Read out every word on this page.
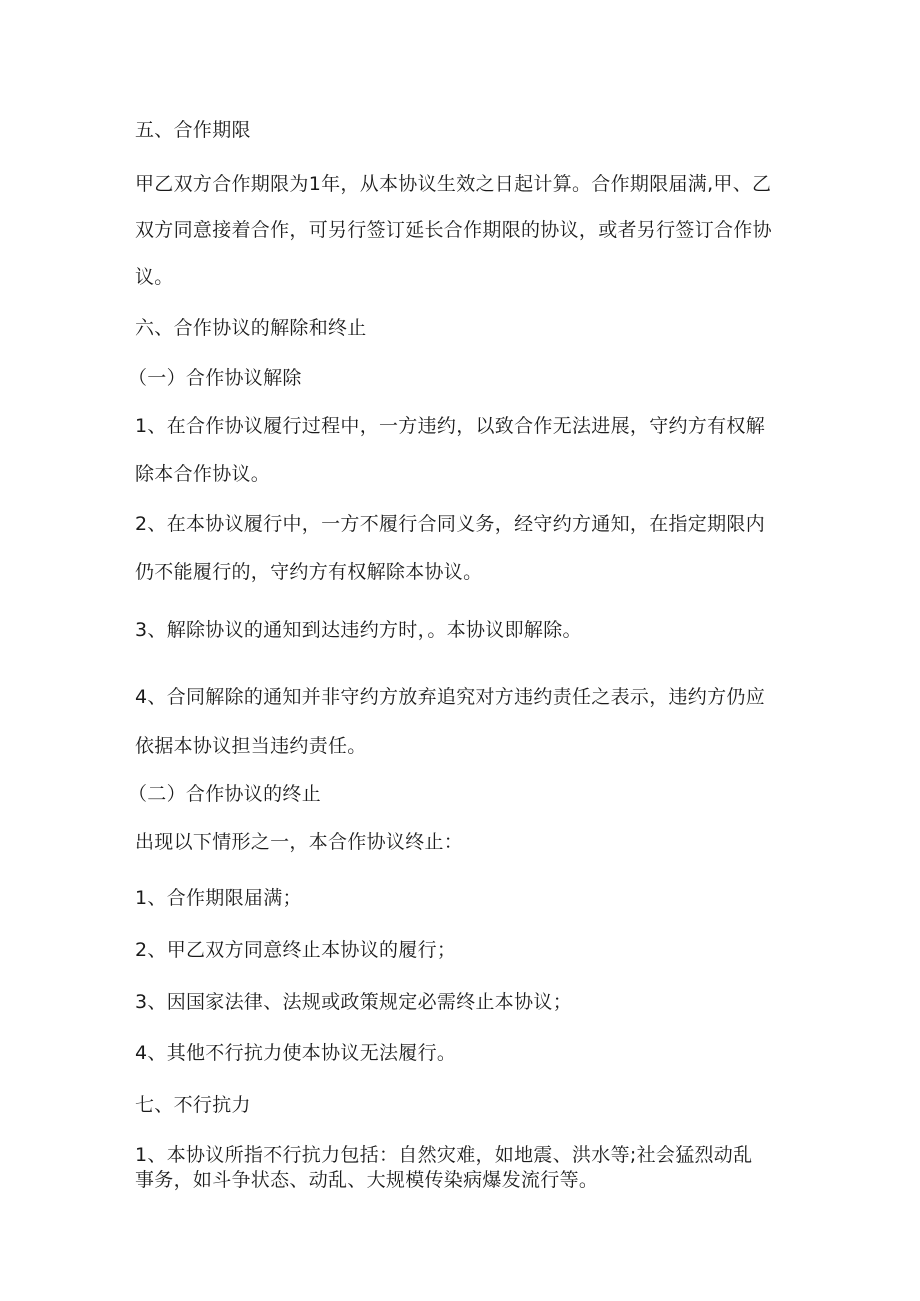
五、合作期限
甲乙双方合作期限为1年，从本协议生效之日起计算。合作期限届满,甲、乙
双方同意接着合作，可另行签订延长合作期限的协议，或者另行签订合作协
议。
六、合作协议的解除和终止
（一）合作协议解除
1、在合作协议履行过程中，一方违约，以致合作无法进展，守约方有权解
除本合作协议。
2、在本协议履行中，一方不履行合同义务，经守约方通知，在指定期限内
仍不能履行的，守约方有权解除本协议。
3、解除协议的通知到达违约方时，。本协议即解除。
4、合同解除的通知并非守约方放弃追究对方违约责任之表示，违约方仍应
依据本协议担当违约责任。
（二）合作协议的终止
出现以下情形之一，本合作协议终止：
1、合作期限届满；
2、甲乙双方同意终止本协议的履行；
3、因国家法律、法规或政策规定必需终止本协议；
4、其他不行抗力使本协议无法履行。
七、不行抗力
1、本协议所指不行抗力包括：自然灾难，如地震、洪水等;社会猛烈动乱
事务，如斗争状态、动乱、大规模传染病爆发流行等。
